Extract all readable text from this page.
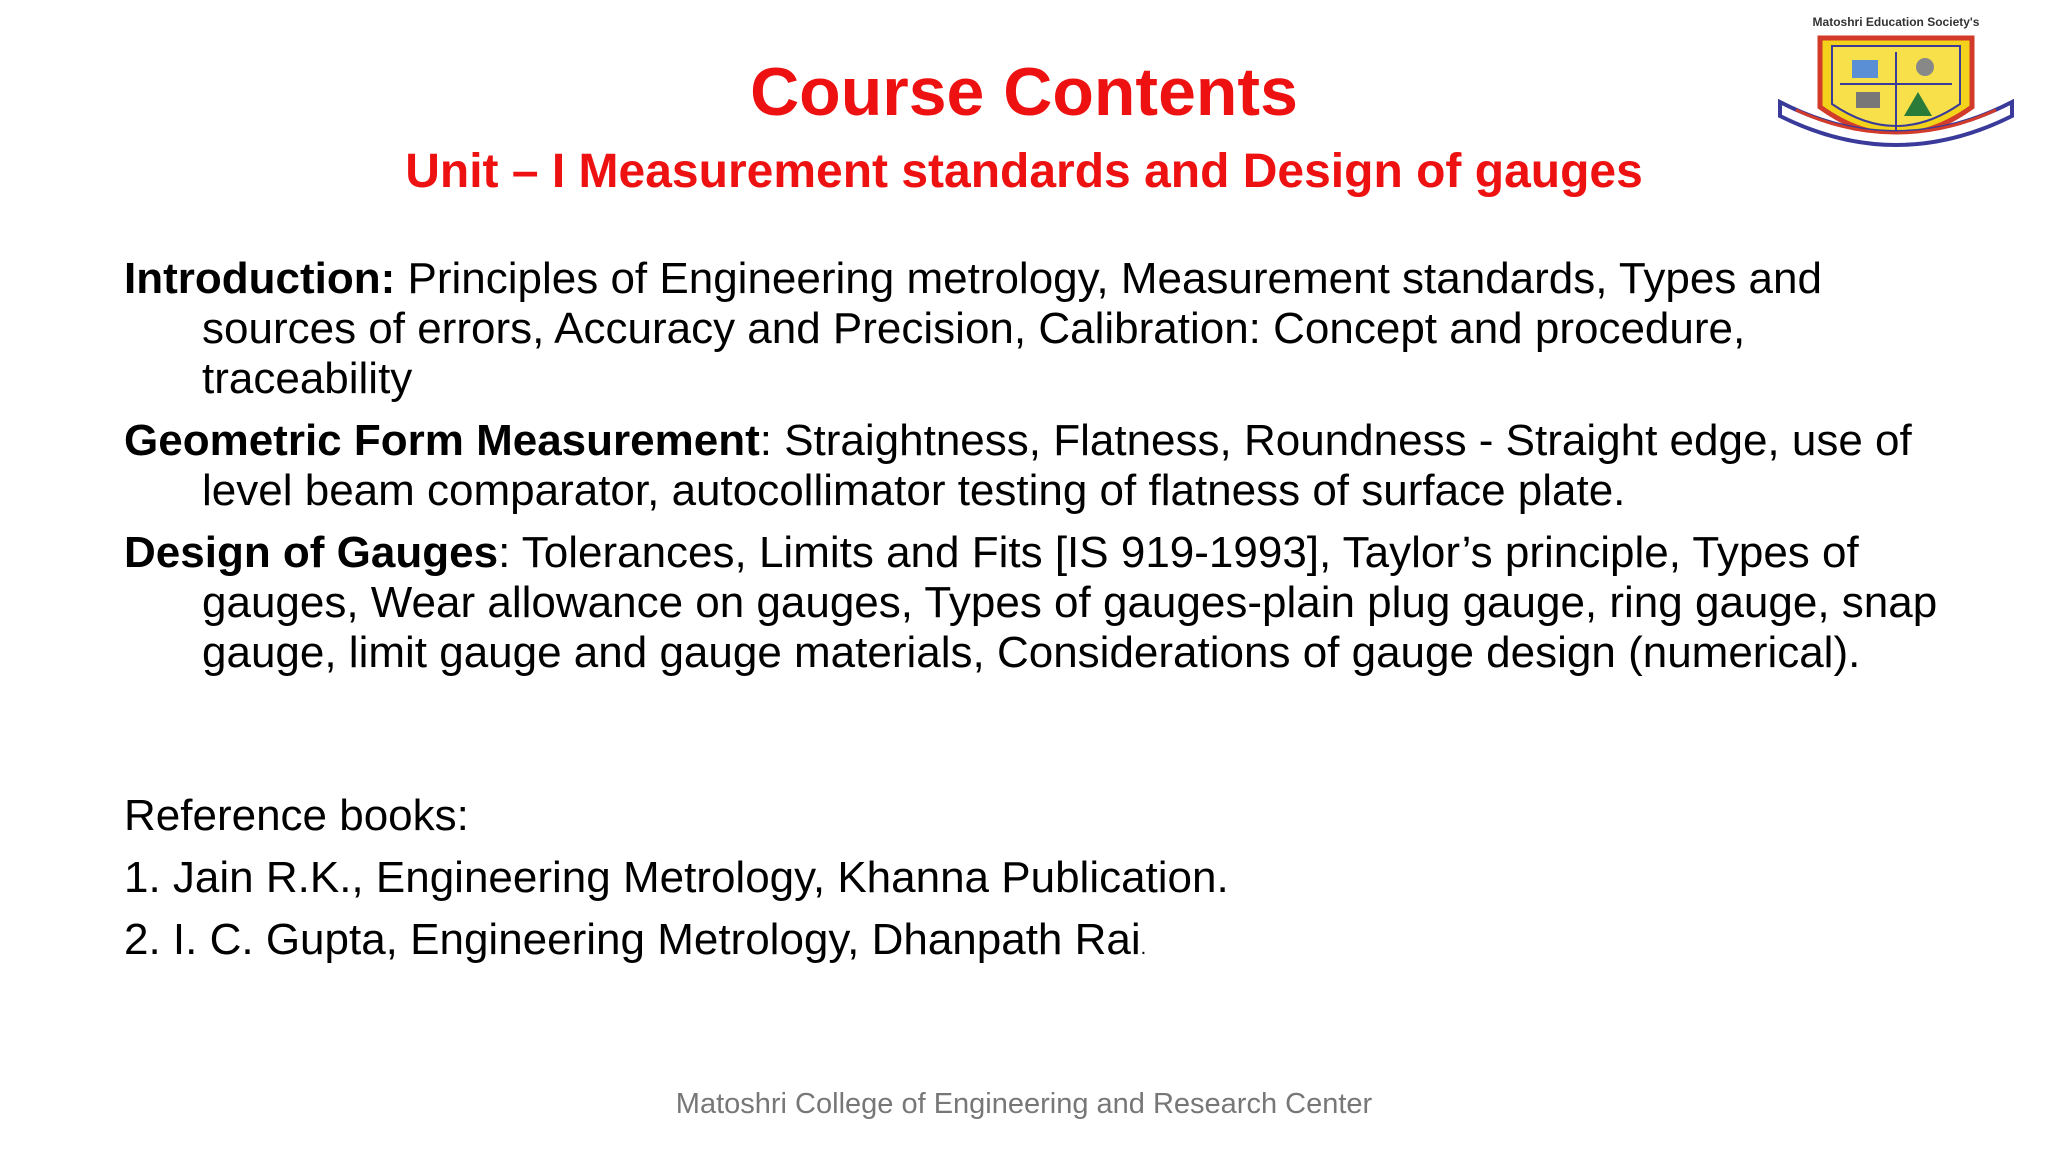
Matoshri Education Society's
Course Contents
Unit – I Measurement standards and Design of gauges

Introduction: Principles of Engineering metrology, Measurement standards, Types and sources of errors, Accuracy and Precision, Calibration: Concept and procedure, traceability

Geometric Form Measurement: Straightness, Flatness, Roundness - Straight edge, use of level beam comparator, autocollimator testing of flatness of surface plate.

Design of Gauges: Tolerances, Limits and Fits [IS 919-1993], Taylor’s principle, Types of gauges, Wear allowance on gauges, Types of gauges-plain plug gauge, ring gauge, snap gauge, limit gauge and gauge materials, Considerations of gauge design (numerical).

Reference books:
1. Jain R.K., Engineering Metrology, Khanna Publication.
2. I. C. Gupta, Engineering Metrology, Dhanpath Rai.
Matoshri College of Engineering and Research Center
